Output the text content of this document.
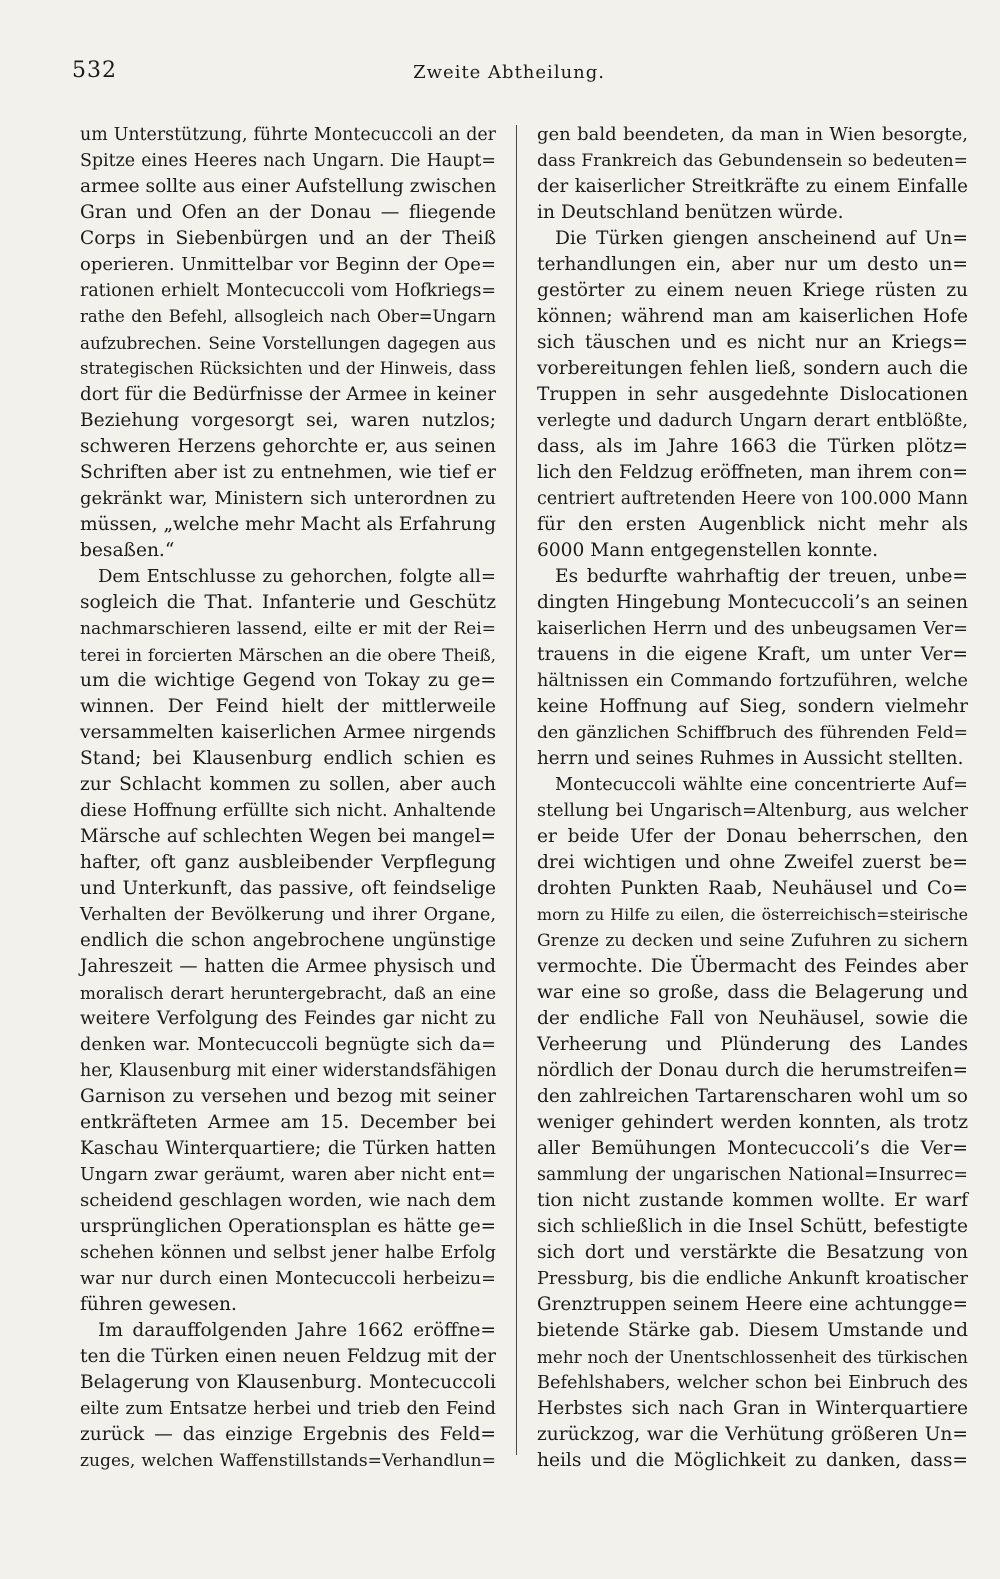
532	Zweite Abtheilung.
um Unterstützung, führte Montecuccoli an der
Spitze eines Heeres nach Ungarn. Die Haupt=
armee sollte aus einer Aufstellung zwischen
Gran und Ofen an der Donau — fliegende
Corps in Siebenbürgen und an der Theiß
operieren. Unmittelbar vor Beginn der Ope=
rationen erhielt Montecuccoli vom Hofkriegs=
rathe den Befehl, allsogleich nach Ober=Ungarn
aufzubrechen. Seine Vorstellungen dagegen aus
strategischen Rücksichten und der Hinweis, dass
dort für die Bedürfnisse der Armee in keiner
Beziehung vorgesorgt sei, waren nutzlos;
schweren Herzens gehorchte er, aus seinen
Schriften aber ist zu entnehmen, wie tief er
gekränkt war, Ministern sich unterordnen zu
müssen, „welche mehr Macht als Erfahrung
besaßen.“
Dem Entschlusse zu gehorchen, folgte all=
sogleich die That. Infanterie und Geschütz
nachmarschieren lassend, eilte er mit der Rei=
terei in forcierten Märschen an die obere Theiß,
um die wichtige Gegend von Tokay zu ge=
winnen. Der Feind hielt der mittlerweile
versammelten kaiserlichen Armee nirgends
Stand; bei Klausenburg endlich schien es
zur Schlacht kommen zu sollen, aber auch
diese Hoffnung erfüllte sich nicht. Anhaltende
Märsche auf schlechten Wegen bei mangel=
hafter, oft ganz ausbleibender Verpflegung
und Unterkunft, das passive, oft feindselige
Verhalten der Bevölkerung und ihrer Organe,
endlich die schon angebrochene ungünstige
Jahreszeit — hatten die Armee physisch und
moralisch derart heruntergebracht, daß an eine
weitere Verfolgung des Feindes gar nicht zu
denken war. Montecuccoli begnügte sich da=
her, Klausenburg mit einer widerstandsfähigen
Garnison zu versehen und bezog mit seiner
entkräfteten Armee am 15. December bei
Kaschau Winterquartiere; die Türken hatten
Ungarn zwar geräumt, waren aber nicht ent=
scheidend geschlagen worden, wie nach dem
ursprünglichen Operationsplan es hätte ge=
schehen können und selbst jener halbe Erfolg
war nur durch einen Montecuccoli herbeizu=
führen gewesen.
Im darauffolgenden Jahre 1662 eröffne=
ten die Türken einen neuen Feldzug mit der
Belagerung von Klausenburg. Montecuccoli
eilte zum Entsatze herbei und trieb den Feind
zurück — das einzige Ergebnis des Feld=
zuges, welchen Waffenstillstands=Verhandlun=
gen bald beendeten, da man in Wien besorgte,
dass Frankreich das Gebundensein so bedeuten=
der kaiserlicher Streitkräfte zu einem Einfalle
in Deutschland benützen würde.
Die Türken giengen anscheinend auf Un=
terhandlungen ein, aber nur um desto un=
gestörter zu einem neuen Kriege rüsten zu
können; während man am kaiserlichen Hofe
sich täuschen und es nicht nur an Kriegs=
vorbereitungen fehlen ließ, sondern auch die
Truppen in sehr ausgedehnte Dislocationen
verlegte und dadurch Ungarn derart entblößte,
dass, als im Jahre 1663 die Türken plötz=
lich den Feldzug eröffneten, man ihrem con=
centriert auftretenden Heere von 100.000 Mann
für den ersten Augenblick nicht mehr als
6000 Mann entgegenstellen konnte.
Es bedurfte wahrhaftig der treuen, unbe=
dingten Hingebung Montecuccoli’s an seinen
kaiserlichen Herrn und des unbeugsamen Ver=
trauens in die eigene Kraft, um unter Ver=
hältnissen ein Commando fortzuführen, welche
keine Hoffnung auf Sieg, sondern vielmehr
den gänzlichen Schiffbruch des führenden Feld=
herrn und seines Ruhmes in Aussicht stellten.
Montecuccoli wählte eine concentrierte Auf=
stellung bei Ungarisch=Altenburg, aus welcher
er beide Ufer der Donau beherrschen, den
drei wichtigen und ohne Zweifel zuerst be=
drohten Punkten Raab, Neuhäusel und Co=
morn zu Hilfe zu eilen, die österreichisch=steirische
Grenze zu decken und seine Zufuhren zu sichern
vermochte. Die Übermacht des Feindes aber
war eine so große, dass die Belagerung und
der endliche Fall von Neuhäusel, sowie die
Verheerung und Plünderung des Landes
nördlich der Donau durch die herumstreifen=
den zahlreichen Tartarenscharen wohl um so
weniger gehindert werden konnten, als trotz
aller Bemühungen Montecuccoli’s die Ver=
sammlung der ungarischen National=Insurrec=
tion nicht zustande kommen wollte. Er warf
sich schließlich in die Insel Schütt, befestigte
sich dort und verstärkte die Besatzung von
Pressburg, bis die endliche Ankunft kroatischer
Grenztruppen seinem Heere eine achtungge=
bietende Stärke gab. Diesem Umstande und
mehr noch der Unentschlossenheit des türkischen
Befehlshabers, welcher schon bei Einbruch des
Herbstes sich nach Gran in Winterquartiere
zurückzog, war die Verhütung größeren Un=
heils und die Möglichkeit zu danken, dass=
